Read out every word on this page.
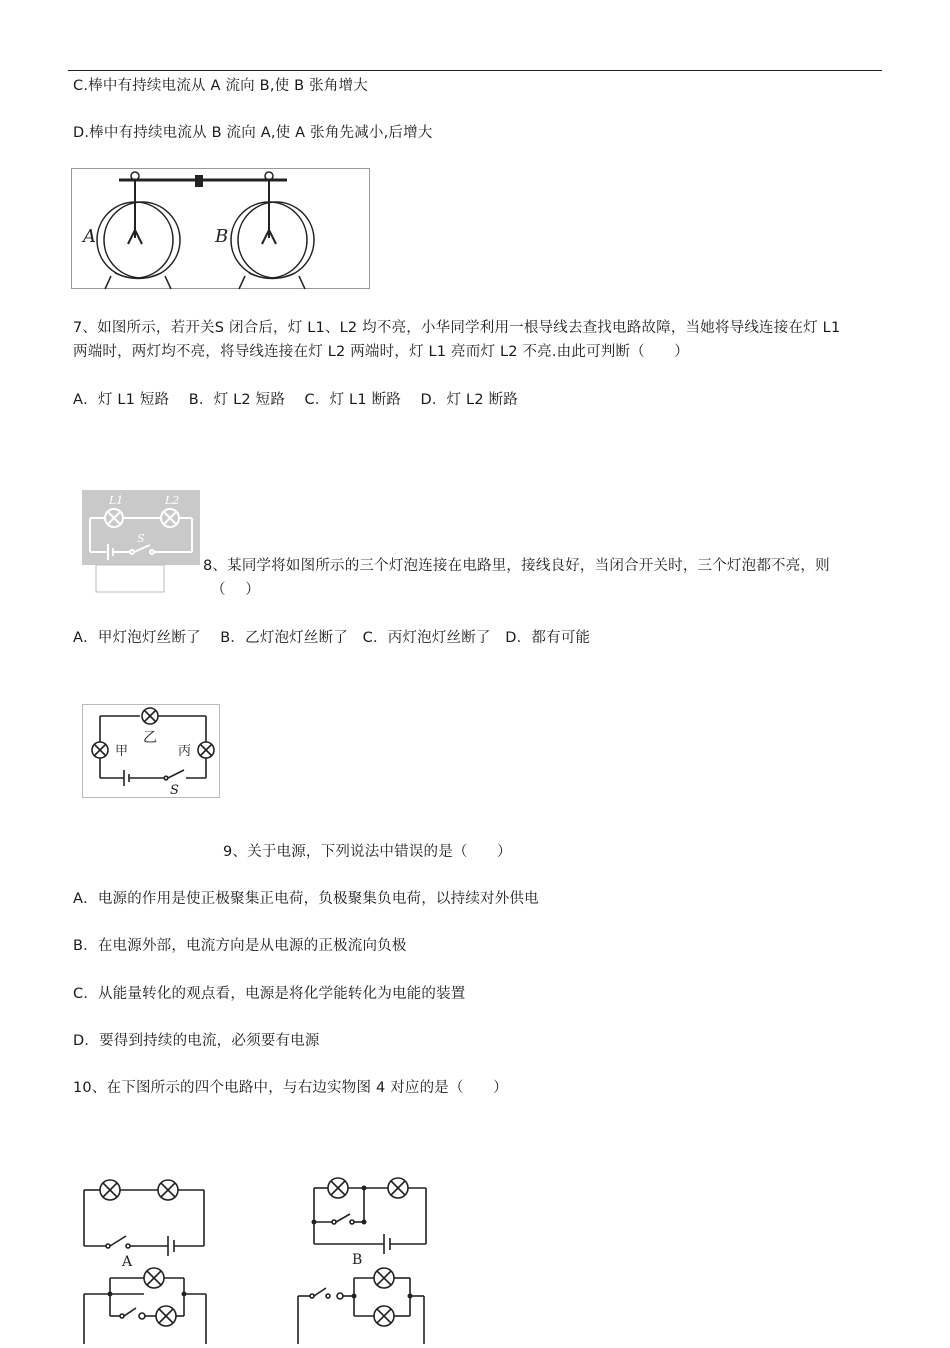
C.棒中有持续电流从 A 流向 B,使 B 张角增大
D.棒中有持续电流从 B 流向 A,使 A 张角先减小,后增大
A	B
7、如图所示，若开关S 闭合后，灯 L1、L2 均不亮，小华同学利用一根导线去查找电路故障，当她将导线连接在灯 L1
两端时，两灯均不亮，将导线连接在灯 L2 两端时，灯 L1 亮而灯 L2 不亮.由此可判断（　　）
A．灯 L1 短路　 B．灯 L2 短路　 C．灯 L1 断路　 D．灯 L2 断路
L1	L2
S
8、某同学将如图所示的三个灯泡连接在电路里，接线良好，当闭合开关时，三个灯泡都不亮，则
（　 ）
A．甲灯泡灯丝断了　 B．乙灯泡灯丝断了　C．丙灯泡灯丝断了　D．都有可能
甲
乙
丙
S
9、关于电源，下列说法中错误的是（　　）
A．电源的作用是使正极聚集正电荷，负极聚集负电荷，以持续对外供电
B．在电源外部，电流方向是从电源的正极流向负极
C．从能量转化的观点看，电源是将化学能转化为电能的装置
D．要得到持续的电流，必须要有电源
10、在下图所示的四个电路中，与右边实物图 4 对应的是（　　）
A	B
